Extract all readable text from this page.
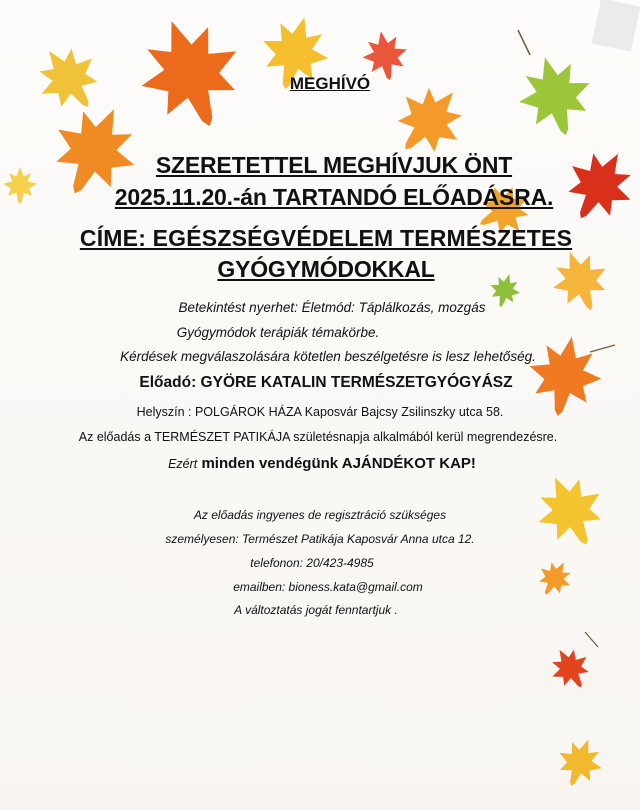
MEGHÍVÓ
SZERETETTEL MEGHÍVJUK ÖNT
2025.11.20.-án TARTANDÓ ELŐADÁSRA.
CÍME: EGÉSZSÉGVÉDELEM TERMÉSZETES
GYÓGYMÓDOKKAL
Betekintést nyerhet: Életmód: Táplálkozás, mozgás
Gyógymódok terápiák témakörbe.
Kérdések megválaszolására kötetlen beszélgetésre is lesz lehetőség.
Előadó: GYÖRE KATALIN TERMÉSZETGYÓGYÁSZ
Helyszín : POLGÁROK HÁZA Kaposvár Bajcsy Zsilinszky utca 58.
Az előadás a TERMÉSZET PATIKÁJA születésnapja alkalmából kerül megrendezésre.
Ezért minden vendégünk AJÁNDÉKOT KAP!
Az előadás ingyenes de regisztráció szükséges
személyesen: Természet Patikája Kaposvár Anna utca 12.
telefonon: 20/423-4985
emailben: bioness.kata@gmail.com
A változtatás jogát fenntartjuk .
